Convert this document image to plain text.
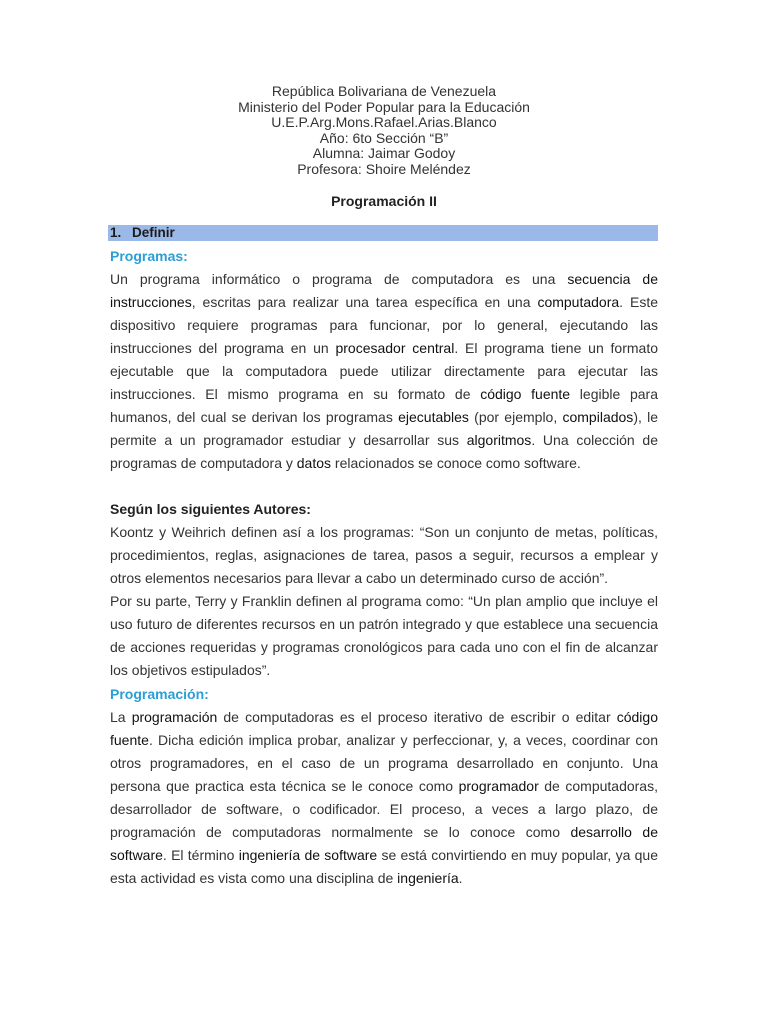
República Bolivariana de Venezuela
Ministerio del Poder Popular para la Educación
U.E.P.Arg.Mons.Rafael.Arias.Blanco
Año: 6to Sección “B”
Alumna: Jaimar Godoy
Profesora: Shoire Meléndez
Programación II
1. Definir
Programas:
Un programa informático o programa de computadora es una secuencia de instrucciones, escritas para realizar una tarea específica en una computadora. Este dispositivo requiere programas para funcionar, por lo general, ejecutando las instrucciones del programa en un procesador central. El programa tiene un formato ejecutable que la computadora puede utilizar directamente para ejecutar las instrucciones. El mismo programa en su formato de código fuente legible para humanos, del cual se derivan los programas ejecutables (por ejemplo, compilados), le permite a un programador estudiar y desarrollar sus algoritmos. Una colección de programas de computadora y datos relacionados se conoce como software.
Según los siguientes Autores:
Koontz y Weihrich definen así a los programas: “Son un conjunto de metas, políticas, procedimientos, reglas, asignaciones de tarea, pasos a seguir, recursos a emplear y otros elementos necesarios para llevar a cabo un determinado curso de acción”.
Por su parte, Terry y Franklin definen al programa como: “Un plan amplio que incluye el uso futuro de diferentes recursos en un patrón integrado y que establece una secuencia de acciones requeridas y programas cronológicos para cada uno con el fin de alcanzar los objetivos estipulados”.
Programación:
La programación de computadoras es el proceso iterativo de escribir o editar código fuente. Dicha edición implica probar, analizar y perfeccionar, y, a veces, coordinar con otros programadores, en el caso de un programa desarrollado en conjunto. Una persona que practica esta técnica se le conoce como programador de computadoras, desarrollador de software, o codificador. El proceso, a veces a largo plazo, de programación de computadoras normalmente se lo conoce como desarrollo de software. El término ingeniería de software se está convirtiendo en muy popular, ya que esta actividad es vista como una disciplina de ingeniería.
